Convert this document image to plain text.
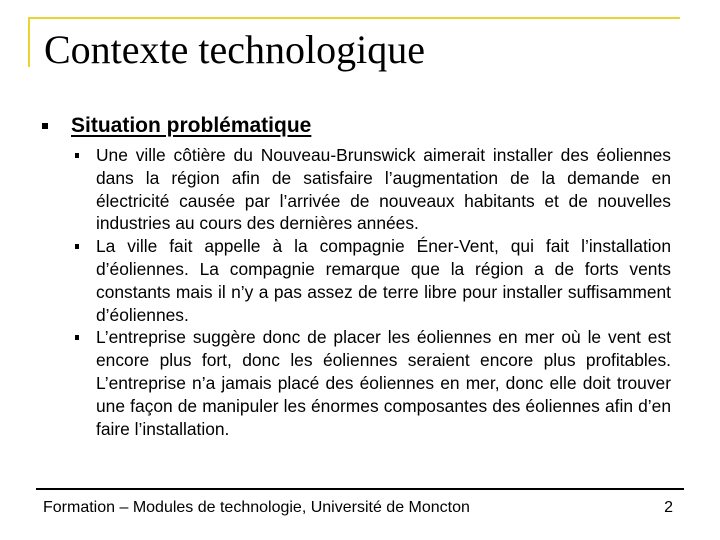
Contexte technologique
Situation problématique
Une ville côtière du Nouveau-Brunswick aimerait installer des éoliennes dans la région afin de satisfaire l’augmentation de la demande en électricité causée par l’arrivée de nouveaux habitants et de nouvelles industries au cours des dernières années.
La ville fait appelle à la compagnie Éner-Vent, qui fait l’installation d’éoliennes. La compagnie remarque que la région a de forts vents constants mais il n’y a pas assez de terre libre pour installer suffisamment d’éoliennes.
L’entreprise suggère donc de placer les éoliennes en mer où le vent est encore plus fort, donc les éoliennes seraient encore plus profitables. L’entreprise n’a jamais placé des éoliennes en mer, donc elle doit trouver une façon de manipuler les énormes composantes des éoliennes afin d’en faire l’installation.
Formation – Modules de technologie, Université de Moncton	2
